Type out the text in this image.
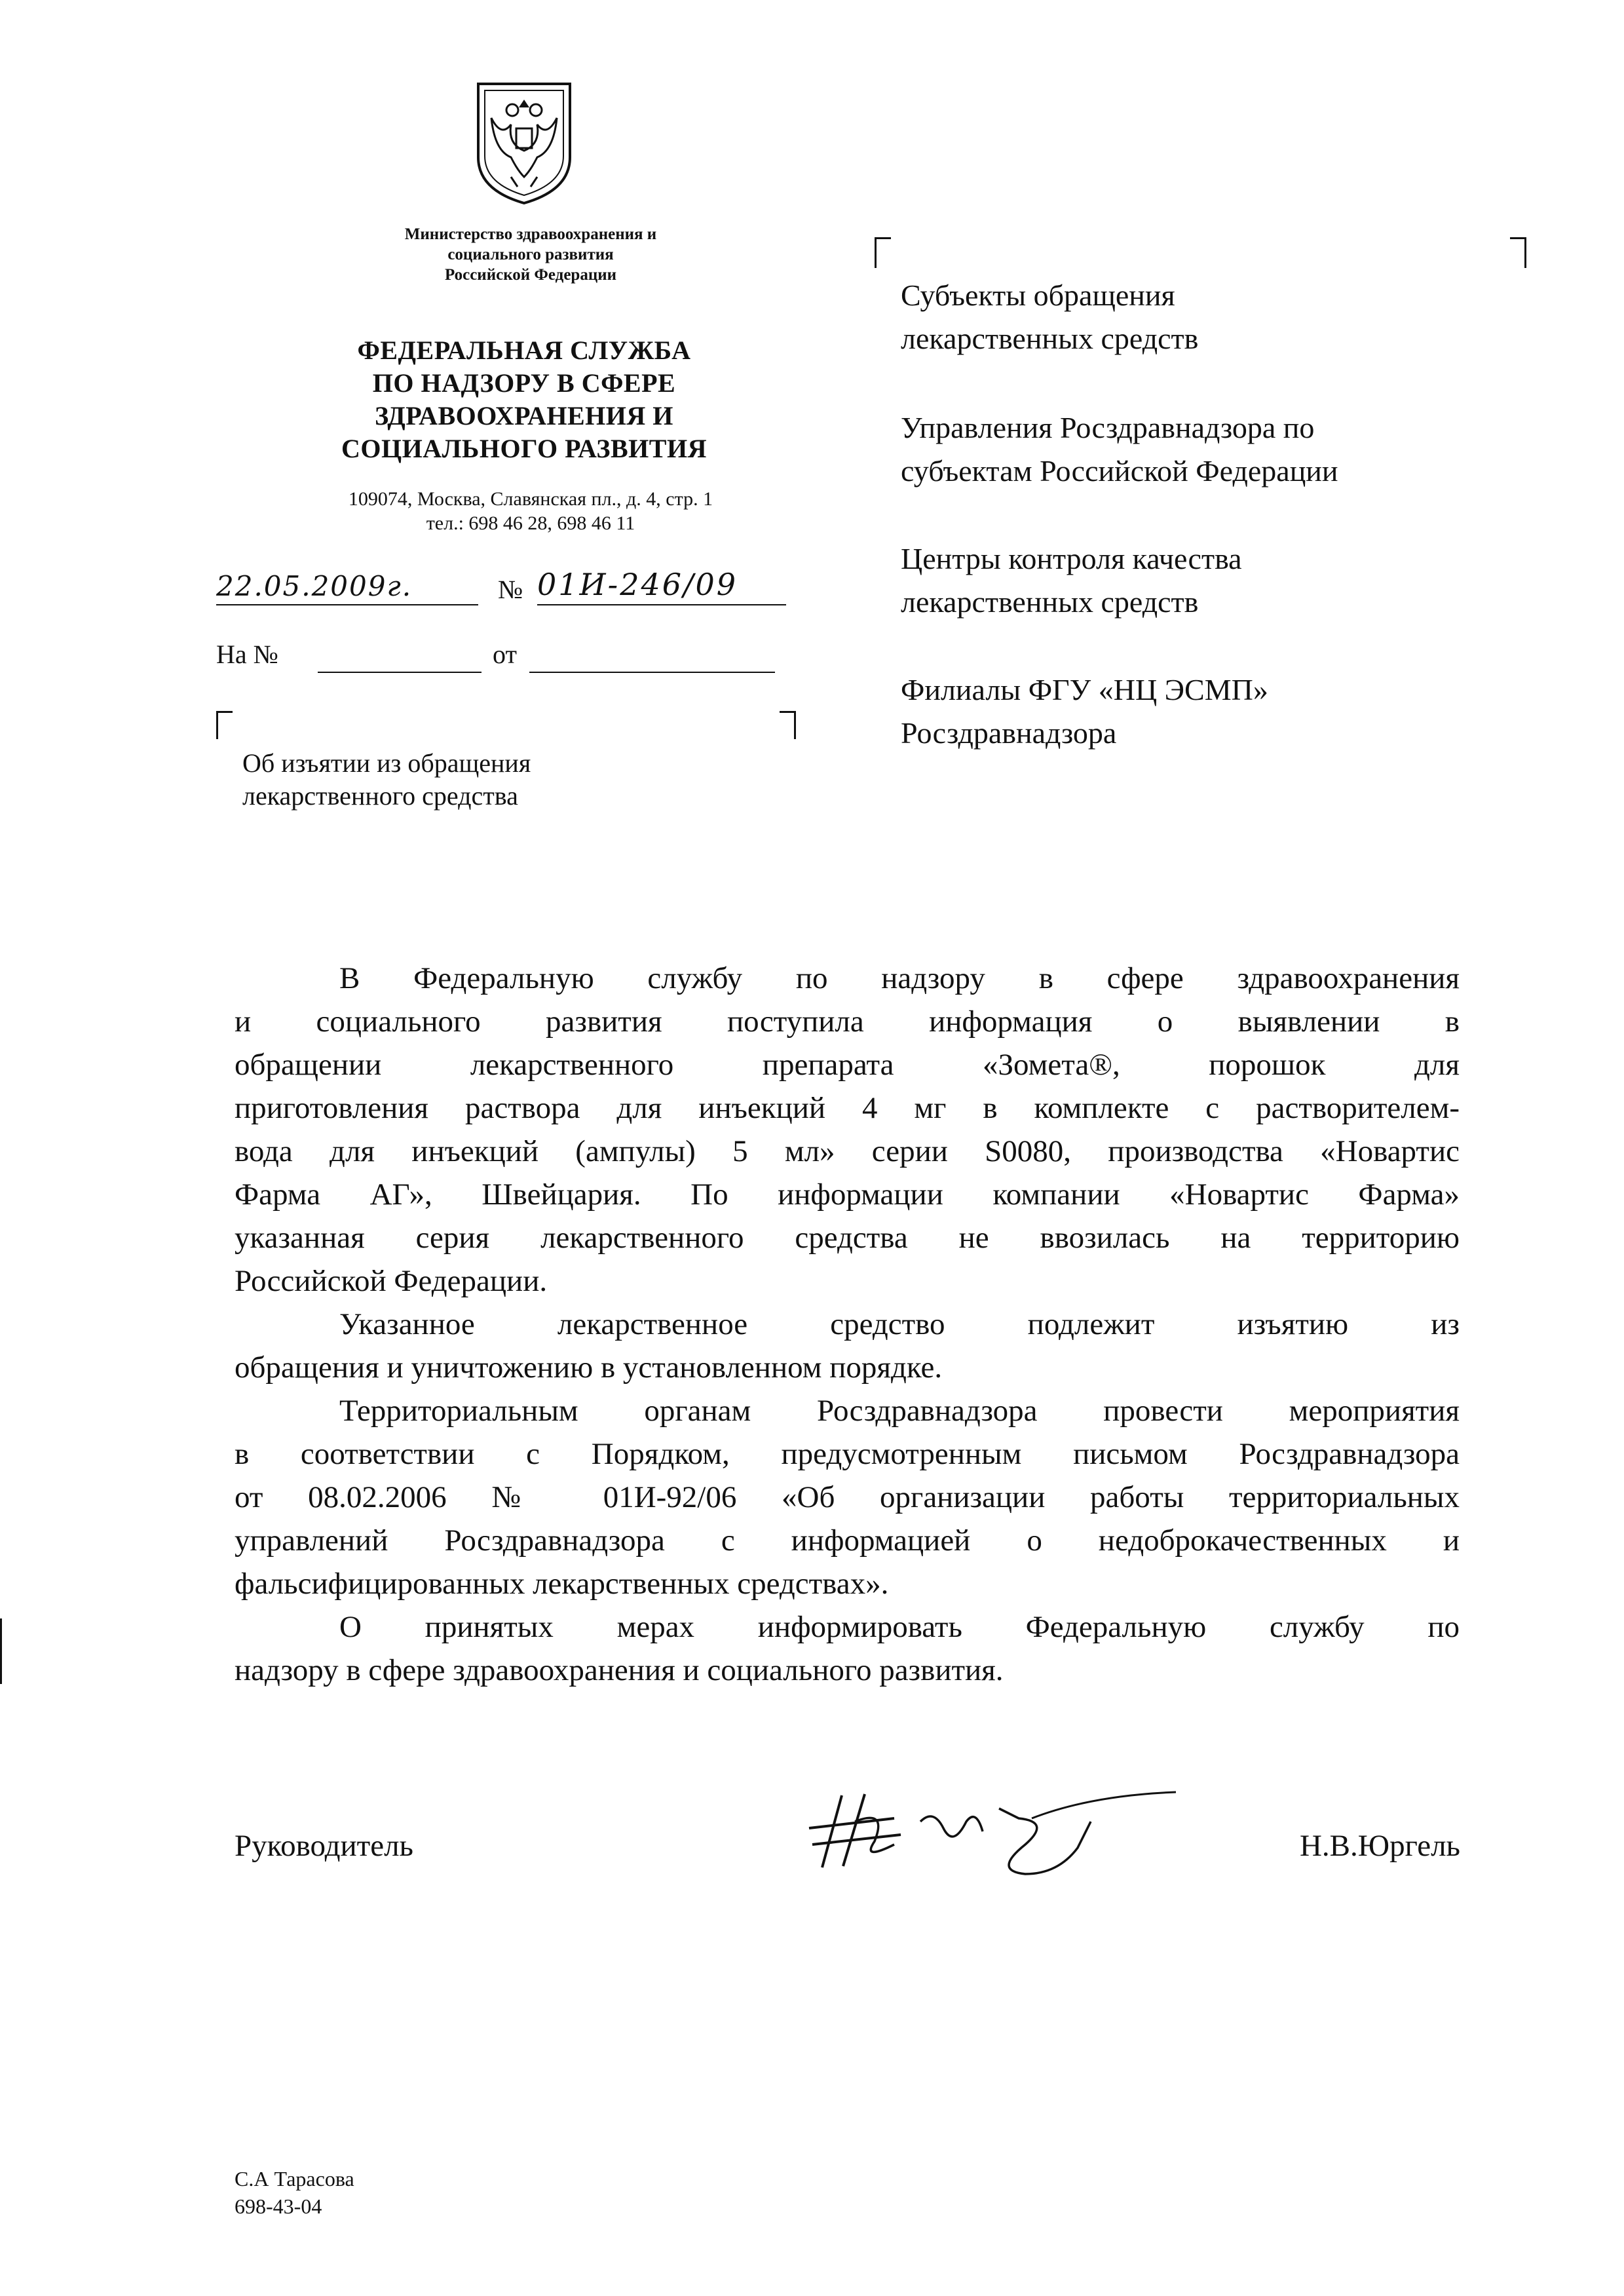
Министерство здравоохранения и
социального развития
Российской Федерации
ФЕДЕРАЛЬНАЯ СЛУЖБА
ПО НАДЗОРУ В СФЕРЕ
ЗДРАВООХРАНЕНИЯ И
СОЦИАЛЬНОГО РАЗВИТИЯ
109074, Москва, Славянская пл., д. 4, стр. 1
тел.: 698 46 28, 698 46 11
22.05.2009г.	№ 01И-246/09
На №	от
Об изъятии из обращения
лекарственного средства
Субъекты обращения
лекарственных средств
Управления Росздравнадзора по
субъектам Российской Федерации
Центры контроля качества
лекарственных средств
Филиалы ФГУ «НЦ ЭСМП»
Росздравнадзора
В Федеральную службу по надзору в сфере здравоохранения
и социального развития поступила информация о выявлении в
обращении лекарственного препарата «Зомета®, порошок для
приготовления раствора для инъекций 4 мг в комплекте с растворителем-
вода для инъекций (ампулы) 5 мл» серии S0080, производства «Новартис
Фарма АГ», Швейцария. По информации компании «Новартис Фарма»
указанная серия лекарственного средства не ввозилась на территорию
Российской Федерации.
Указанное лекарственное средство подлежит изъятию из
обращения и уничтожению в установленном порядке.
Территориальным органам Росздравнадзора провести мероприятия
в соответствии с Порядком, предусмотренным письмом Росздравнадзора
от 08.02.2006 № 01И-92/06 «Об организации работы территориальных
управлений Росздравнадзора с информацией о недоброкачественных и
фальсифицированных лекарственных средствах».
О принятых мерах информировать Федеральную службу по
надзору в сфере здравоохранения и социального развития.
Руководитель	Н.В.Юргель
С.А Тарасова
698-43-04
